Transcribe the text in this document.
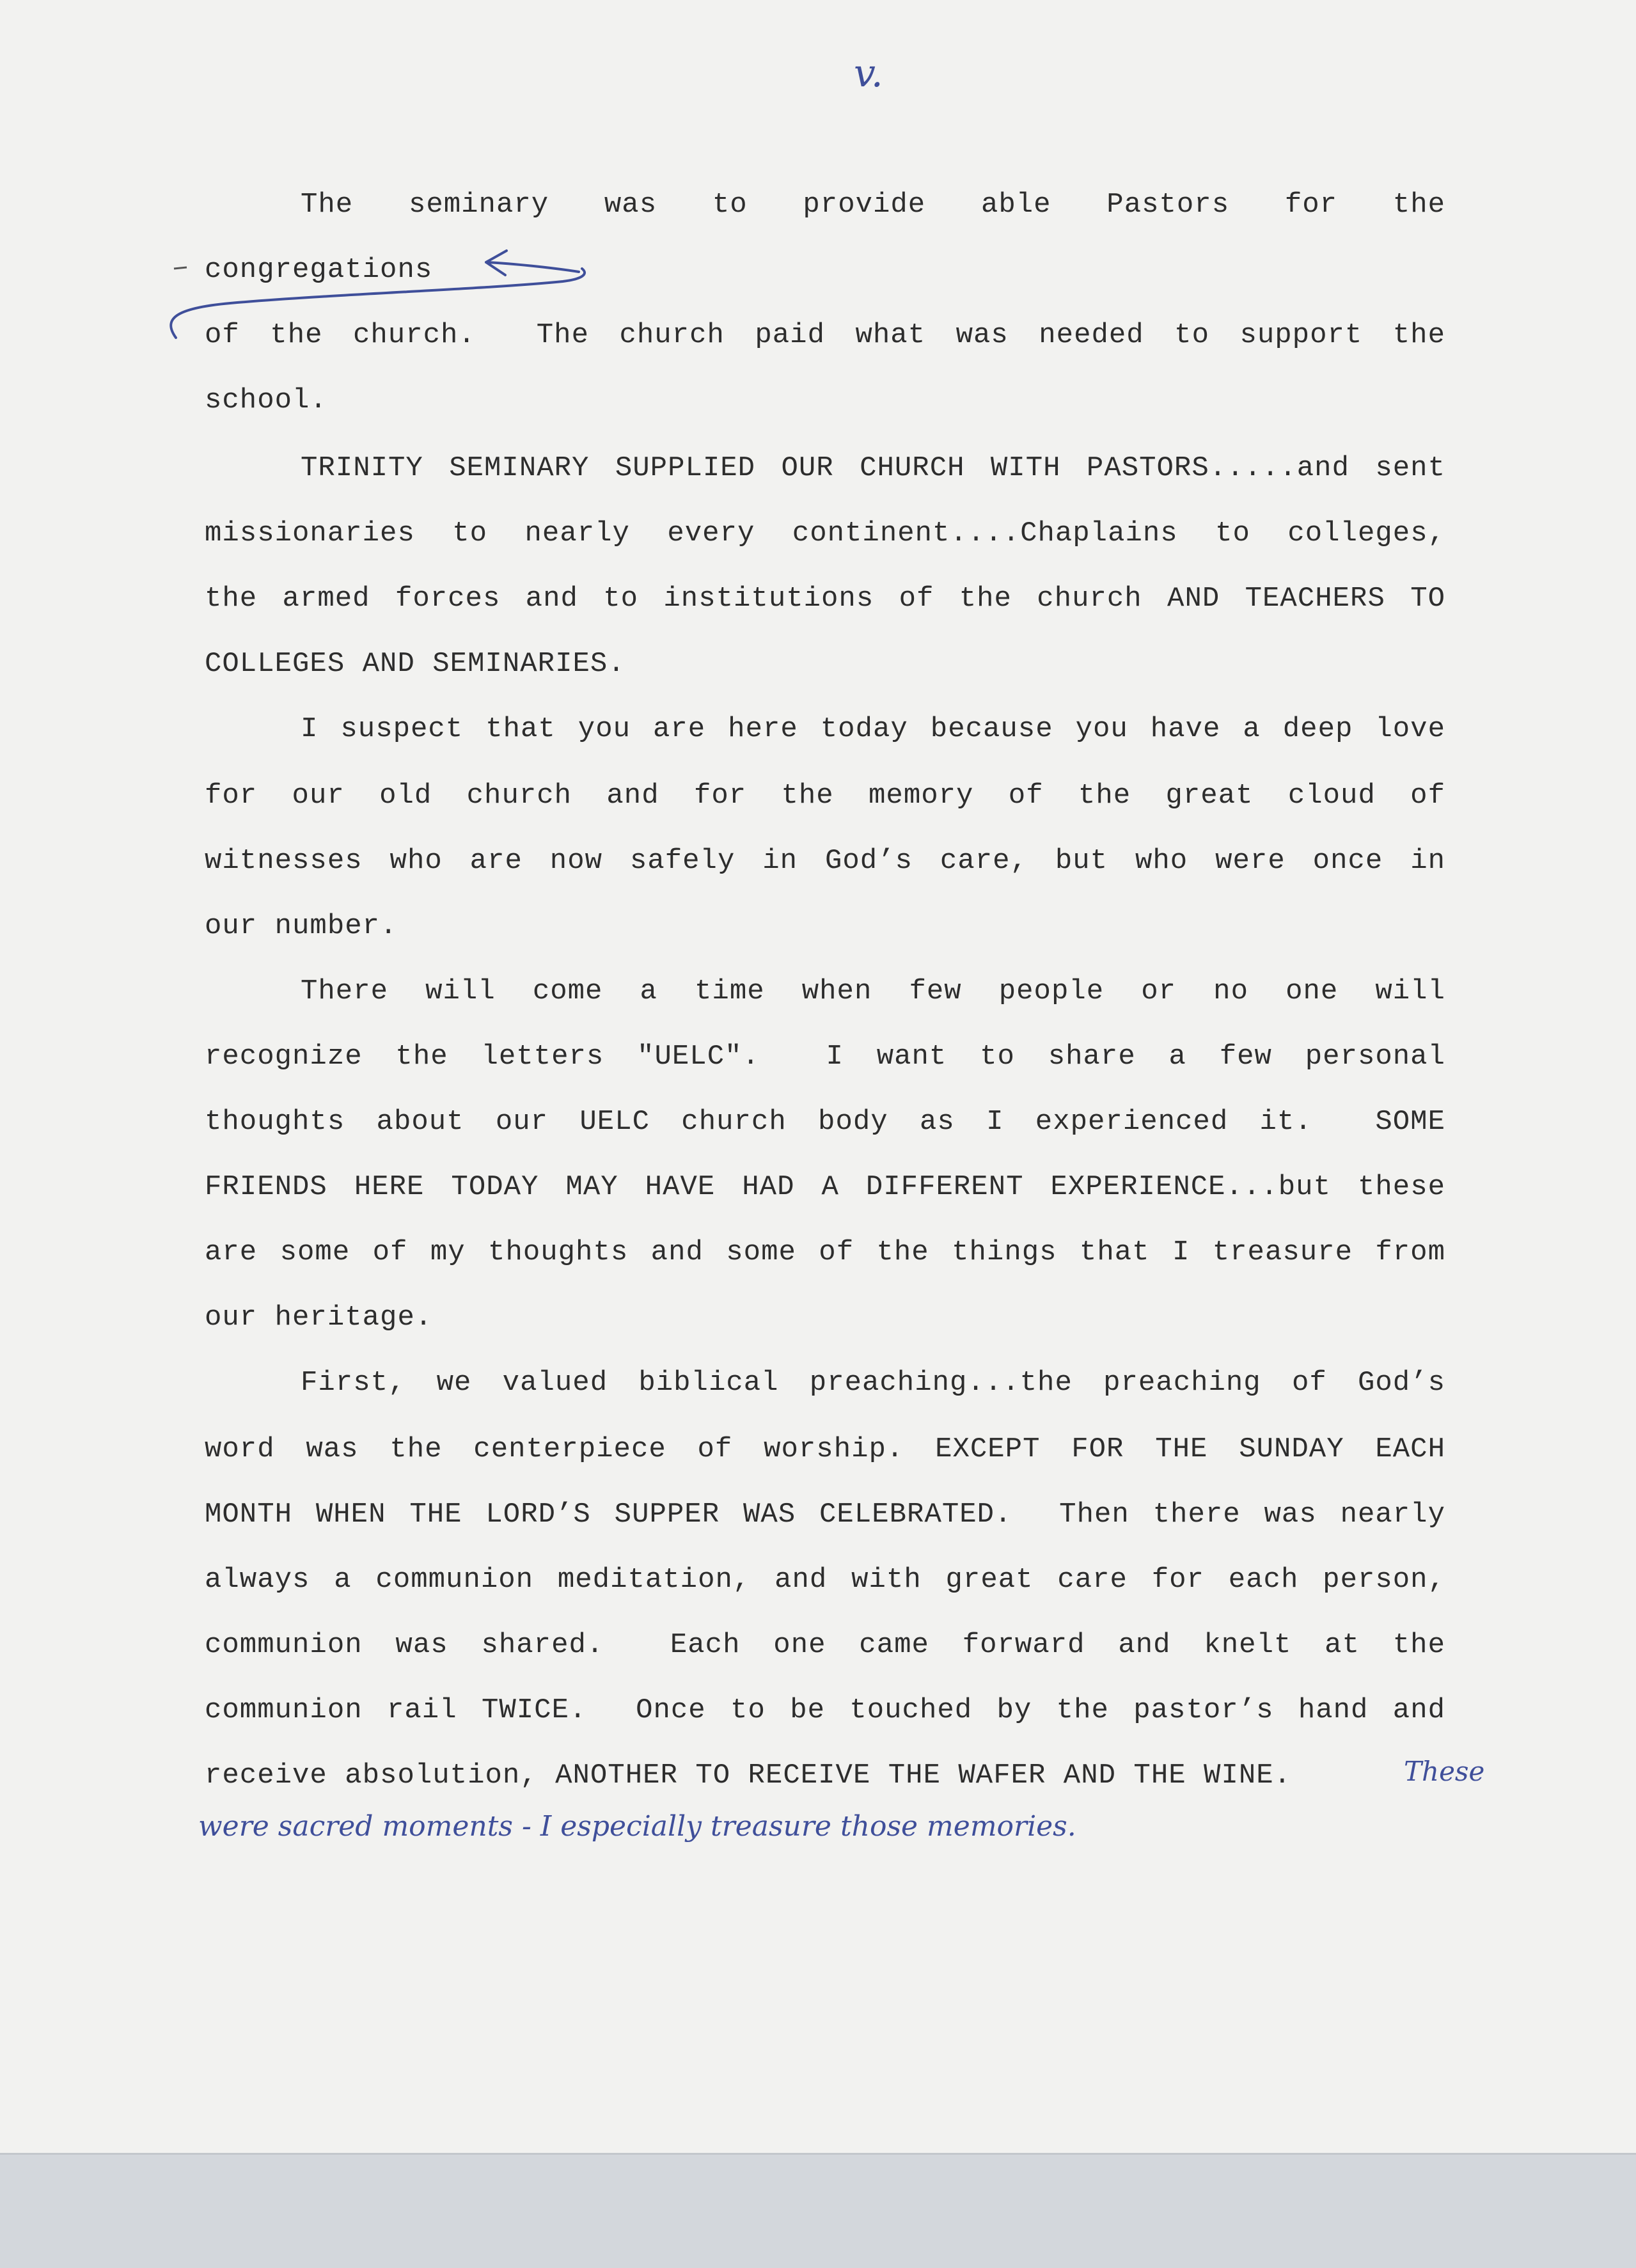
v.
The seminary was to provide able Pastors for the
congregations
of the church.  The church paid what was needed to support the
school.
TRINITY SEMINARY SUPPLIED OUR CHURCH WITH PASTORS.....and sent
missionaries to nearly every continent....Chaplains to colleges,
the armed forces and to institutions of the church AND TEACHERS TO
COLLEGES AND SEMINARIES.
I suspect that you are here today because you have a deep love
for our old church and for the memory of the great cloud of
witnesses who are now safely in God’s care, but who were once in
our number.
There will come a time when few people or no one will
recognize the letters "UELC".  I want to share a few personal
thoughts about our UELC church body as I experienced it.  SOME
FRIENDS HERE TODAY MAY HAVE HAD A DIFFERENT EXPERIENCE...but these
are some of my thoughts and some of the things that I treasure from
our heritage.
First, we valued biblical preaching...the preaching of God’s
word was the centerpiece of worship. EXCEPT FOR THE SUNDAY EACH
MONTH WHEN THE LORD’S SUPPER WAS CELEBRATED.  Then there was nearly
always a communion meditation, and with great care for each person,
communion was shared.  Each one came forward and knelt at the
communion rail TWICE.  Once to be touched by the pastor’s hand and
receive absolution, ANOTHER TO RECEIVE THE WAFER AND THE WINE.	These
were sacred moments - I especially treasure those memories.
